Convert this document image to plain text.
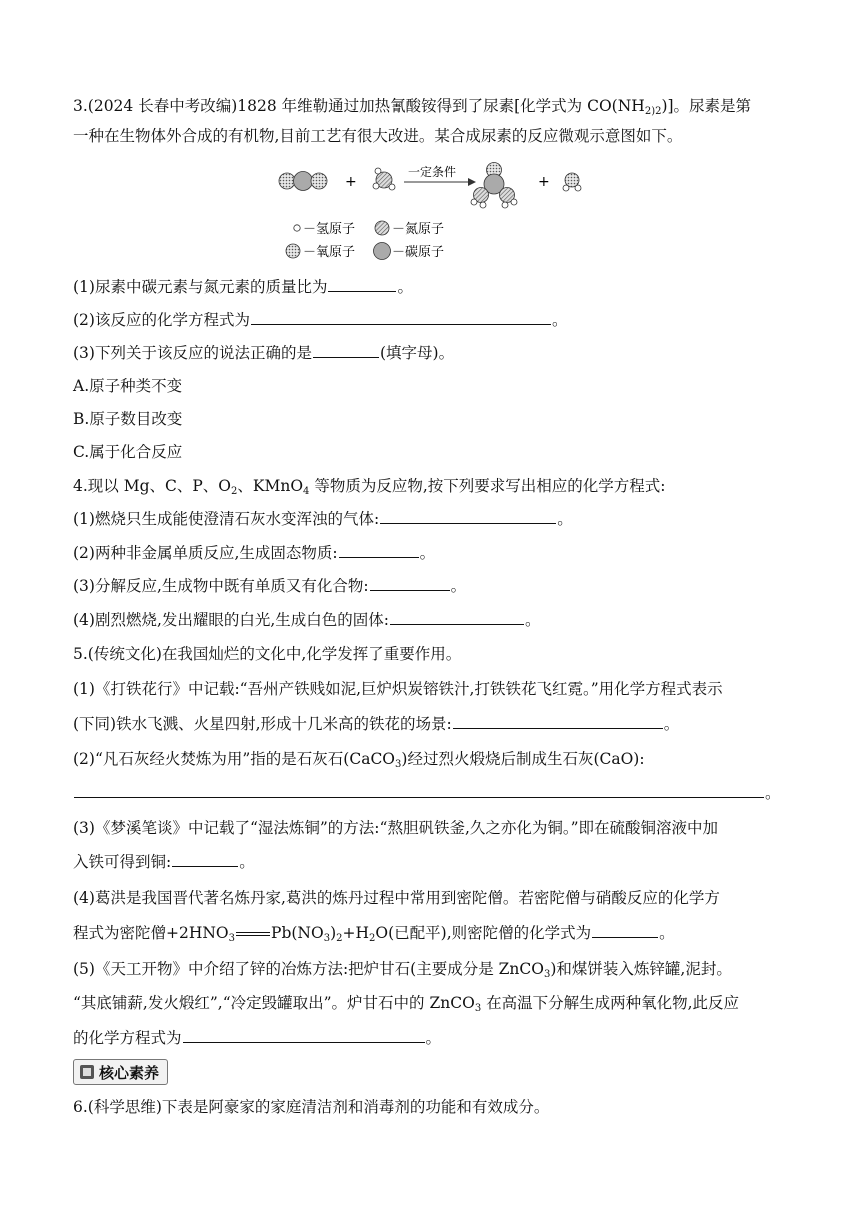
3.(2024 长春中考改编)1828 年维勒通过加热氰酸铵得到了尿素[化学式为 $CO(NH_{2)2})$]。尿素是第
一种在生物体外合成的有机物,目前工艺有很大改进。某合成尿素的反应微观示意图如下。
+
一定条件
+
－氢原子	－氮原子
－氧原子	－碳原子
(1)尿素中碳元素与氮元素的质量比为	。
(2)该反应的化学方程式为	。
(3)下列关于该反应的说法正确的是	(填字母)。
A.原子种类不变
B.原子数目改变
C.属于化合反应
4.现以 Mg、C、P、$O_2$、KMnO$_4$ 等物质为反应物,按下列要求写出相应的化学方程式:
(1)燃烧只生成能使澄清石灰水变浑浊的气体:	。
(2)两种非金属单质反应,生成固态物质:	。
(3)分解反应,生成物中既有单质又有化合物:	。
(4)剧烈燃烧,发出耀眼的白光,生成白色的固体:	。
5.(传统文化)在我国灿烂的文化中,化学发挥了重要作用。
(1)《打铁花行》中记载:“吾州产铁贱如泥,巨炉炽炭镕铁汁,打铁铁花飞红霓。”用化学方程式表示
(下同)铁水飞溅、火星四射,形成十几米高的铁花的场景:	。
(2)“凡石灰经火焚炼为用”指的是石灰石(CaCO$_3$)经过烈火煅烧后制成生石灰(CaO):
。
(3)《梦溪笔谈》中记载了“湿法炼铜”的方法:“熬胆矾铁釜,久之亦化为铜。”即在硫酸铜溶液中加
入铁可得到铜:	。
(4)葛洪是我国晋代著名炼丹家,葛洪的炼丹过程中常用到密陀僧。若密陀僧与硝酸反应的化学方
程式为密陀僧$+2HNO_3$ $Pb(NO_3)_2+H_2O$(已配平),则密陀僧的化学式为	。
(5)《天工开物》中介绍了锌的冶炼方法:把炉甘石(主要成分是 ZnCO$_3$)和煤饼装入炼锌罐,泥封。
“其底铺薪,发火煅红”,“冷定毁罐取出”。炉甘石中的 ZnCO$_3$ 在高温下分解生成两种氧化物,此反应
的化学方程式为	。
核心素养
6.(科学思维)下表是阿豪家的家庭清洁剂和消毒剂的功能和有效成分。
